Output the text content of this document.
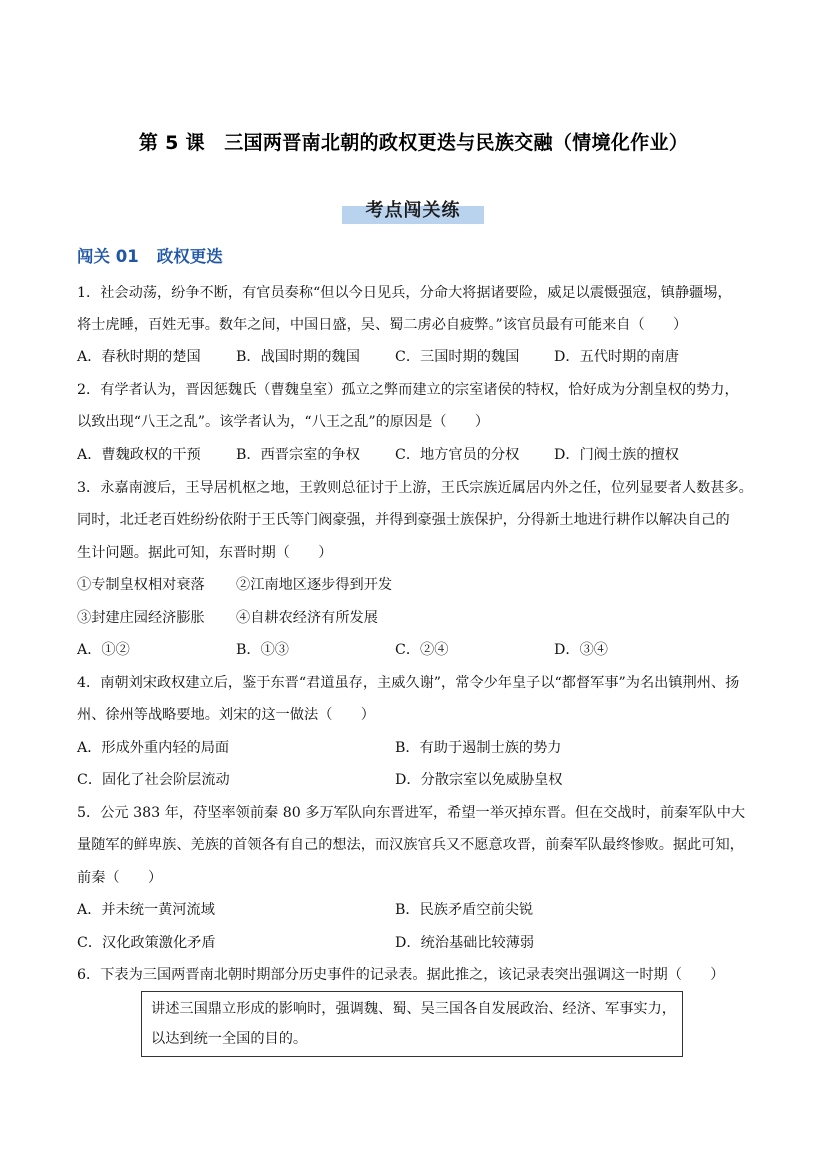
第 5 课　三国两晋南北朝的政权更迭与民族交融（情境化作业）
考点闯关练
闯关 01 政权更迭
1．社会动荡，纷争不断，有官员奏称“但以今日见兵，分命大将据诸要险，威足以震慑强寇，镇静疆埸，
将士虎睡，百姓无事。数年之间，中国日盛，吴、蜀二虏必自疲弊。”该官员最有可能来自（　　）
A．春秋时期的楚国 B．战国时期的魏国 C．三国时期的魏国 D．五代时期的南唐
2．有学者认为，晋因惩魏氏（曹魏皇室）孤立之弊而建立的宗室诸侯的特权，恰好成为分割皇权的势力，
以致出现“八王之乱”。该学者认为，“八王之乱”的原因是（　　）
A．曹魏政权的干预 B．西晋宗室的争权 C．地方官员的分权 D．门阀士族的擅权
3．永嘉南渡后，王导居机枢之地，王敦则总征讨于上游，王氏宗族近属居内外之任，位列显要者人数甚多。
同时，北迁老百姓纷纷依附于王氏等门阀豪强，并得到豪强士族保护，分得新土地进行耕作以解决自己的
生计问题。据此可知，东晋时期（　　）
①专制皇权相对衰落 ②江南地区逐步得到开发
③封建庄园经济膨胀 ④自耕农经济有所发展
A．①②	B．①③	C．②④	D．③④
4．南朝刘宋政权建立后，鉴于东晋“君道虽存，主威久谢”，常令少年皇子以“都督军事”为名出镇荆州、扬
州、徐州等战略要地。刘宋的这一做法（　　）
A．形成外重内轻的局面	B．有助于遏制士族的势力
C．固化了社会阶层流动	D．分散宗室以免威胁皇权
5．公元 383 年，苻坚率领前秦 80 多万军队向东晋进军，希望一举灭掉东晋。但在交战时，前秦军队中大
量随军的鲜卑族、羌族的首领各有自己的想法，而汉族官兵又不愿意攻晋，前秦军队最终惨败。据此可知，
前秦（　　）
A．并未统一黄河流域	B．民族矛盾空前尖锐
C．汉化政策激化矛盾	D．统治基础比较薄弱
6．下表为三国两晋南北朝时期部分历史事件的记录表。据此推之，该记录表突出强调这一时期（　　）
讲述三国鼎立形成的影响时，强调魏、蜀、吴三国各自发展政治、经济、军事实力，
以达到统一全国的目的。
